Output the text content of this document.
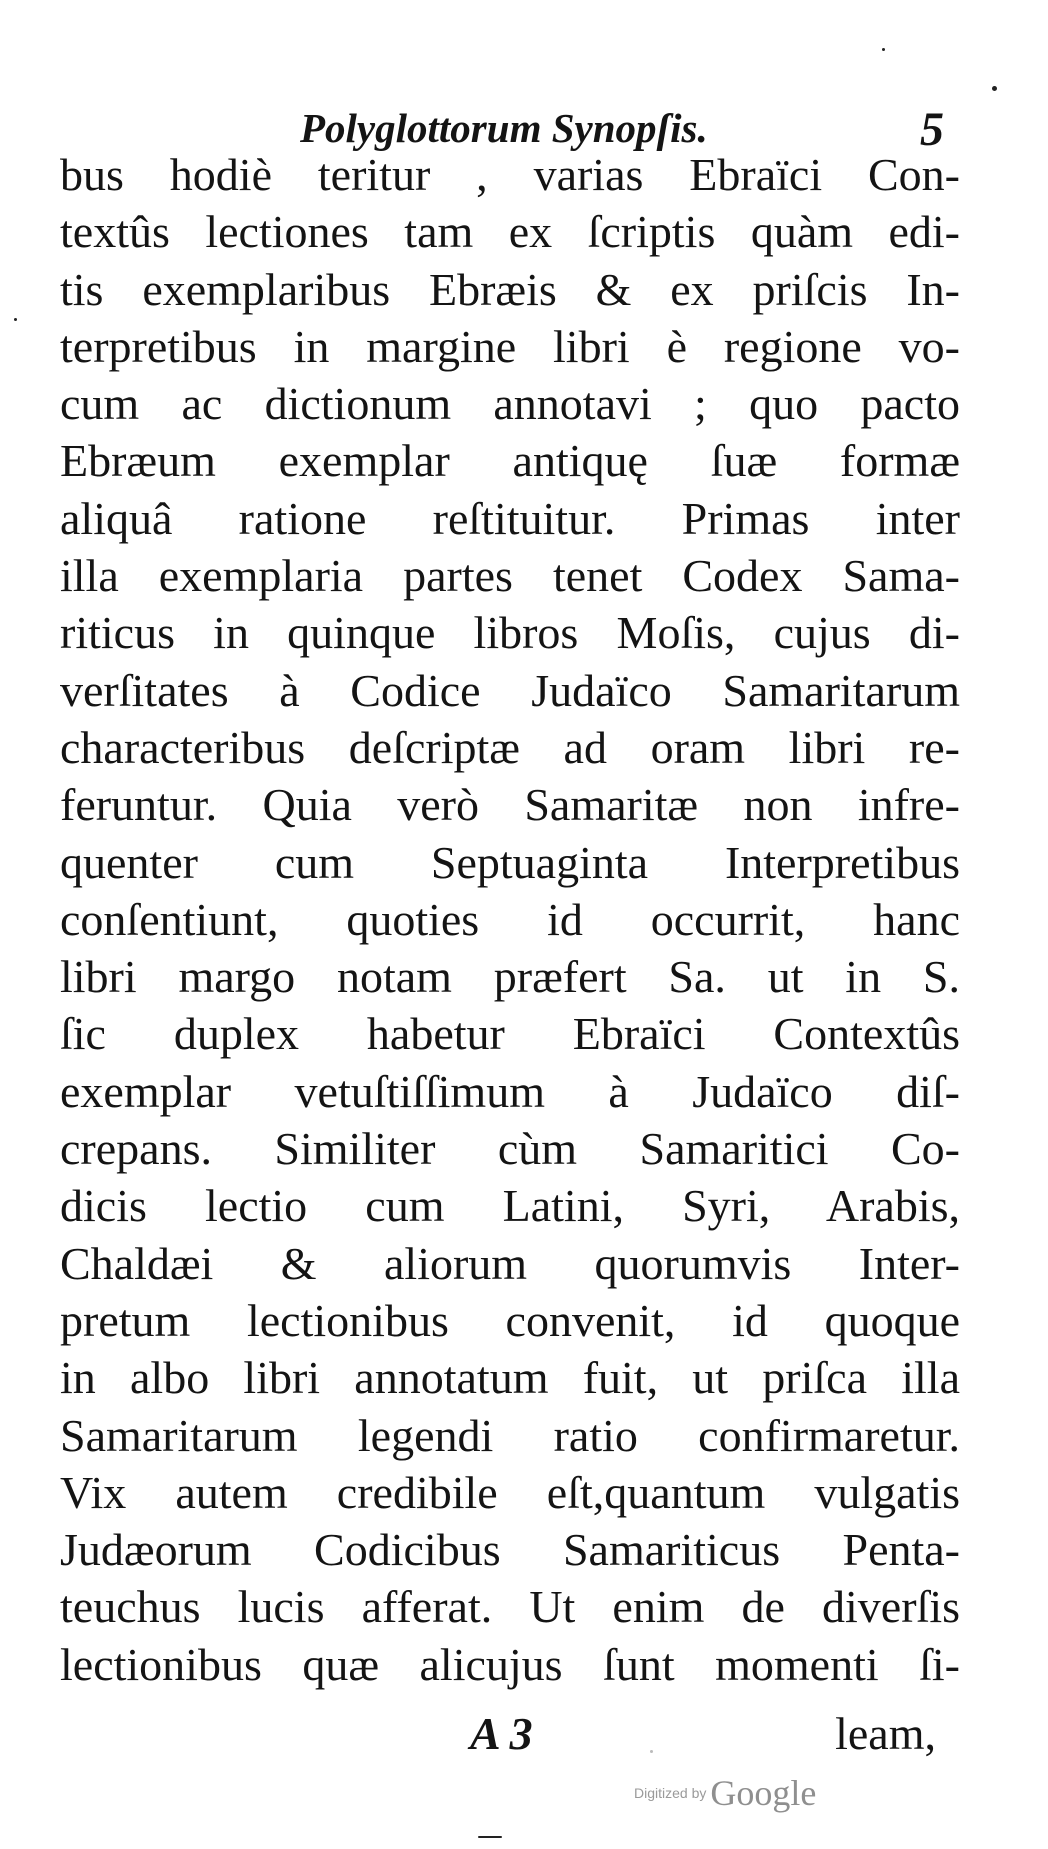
Polyglottorum Synopſis.	5
bus hodiè teritur , varias Ebraïci Con-
textûs lectiones tam ex ſcriptis quàm edi-
tis exemplaribus Ebræis & ex priſcis In-
terpretibus in margine libri è regione vo-
cum ac dictionum annotavi ; quo pacto
Ebræum exemplar antiquę ſuæ formæ
aliquâ ratione reſtituitur. Primas inter
illa exemplaria partes tenet Codex Sama-
riticus in quinque libros Moſis, cujus di-
verſitates à Codice Judaïco Samaritarum
characteribus deſcriptæ ad oram libri re-
feruntur. Quia verò Samaritæ non infre-
quenter cum Septuaginta Interpretibus
conſentiunt, quoties id occurrit, hanc
libri margo notam præfert Sa. ut in S.
ſic duplex habetur Ebraïci Contextûs
exemplar vetuſtiſſimum à Judaïco diſ-
crepans. Similiter cùm Samaritici Co-
dicis lectio cum Latini, Syri, Arabis,
Chaldæi & aliorum quorumvis Inter-
pretum lectionibus convenit, id quoque
in albo libri annotatum fuit, ut priſca illa
Samaritarum legendi ratio confirmaretur.
Vix autem credibile eſt,quantum vulgatis
Judæorum Codicibus Samariticus Penta-
teuchus lucis afferat. Ut enim de diverſis
lectionibus quæ alicujus ſunt momenti ſi-
A 3	leam,
Digitized by Google
